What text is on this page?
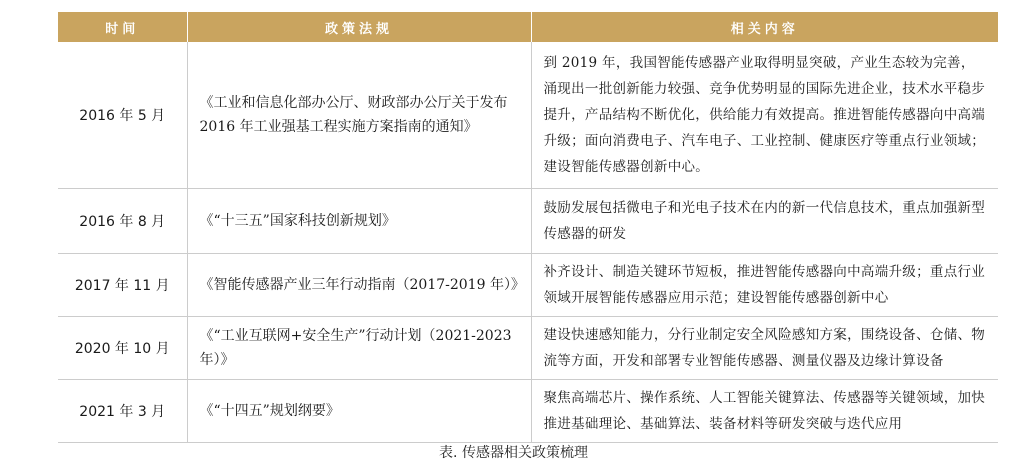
时间	政策法规	相关内容
2016 年 5 月	《工业和信息化部办公厅、财政部办公厅关于发布 2016 年工业强基工程实施方案指南的通知》	到 2019 年，我国智能传感器产业取得明显突破，产业生态较为完善，涌现出一批创新能力较强、竞争优势明显的国际先进企业，技术水平稳步提升，产品结构不断优化，供给能力有效提高。推进智能传感器向中高端升级；面向消费电子、汽车电子、工业控制、健康医疗等重点行业领域；建设智能传感器创新中心。
2016 年 8 月	《“十三五”国家科技创新规划》	鼓励发展包括微电子和光电子技术在内的新一代信息技术，重点加强新型传感器的研发
2017 年 11 月	《智能传感器产业三年行动指南（2017-2019 年）》	补齐设计、制造关键环节短板，推进智能传感器向中高端升级；重点行业领域开展智能传感器应用示范；建设智能传感器创新中心
2020 年 10 月	《“工业互联网+安全生产”行动计划（2021-2023 年）》	建设快速感知能力，分行业制定安全风险感知方案，围绕设备、仓储、物流等方面，开发和部署专业智能传感器、测量仪器及边缘计算设备
2021 年 3 月	《“十四五”规划纲要》	聚焦高端芯片、操作系统、人工智能关键算法、传感器等关键领域，加快推进基础理论、基础算法、装备材料等研发突破与迭代应用
表. 传感器相关政策梳理
